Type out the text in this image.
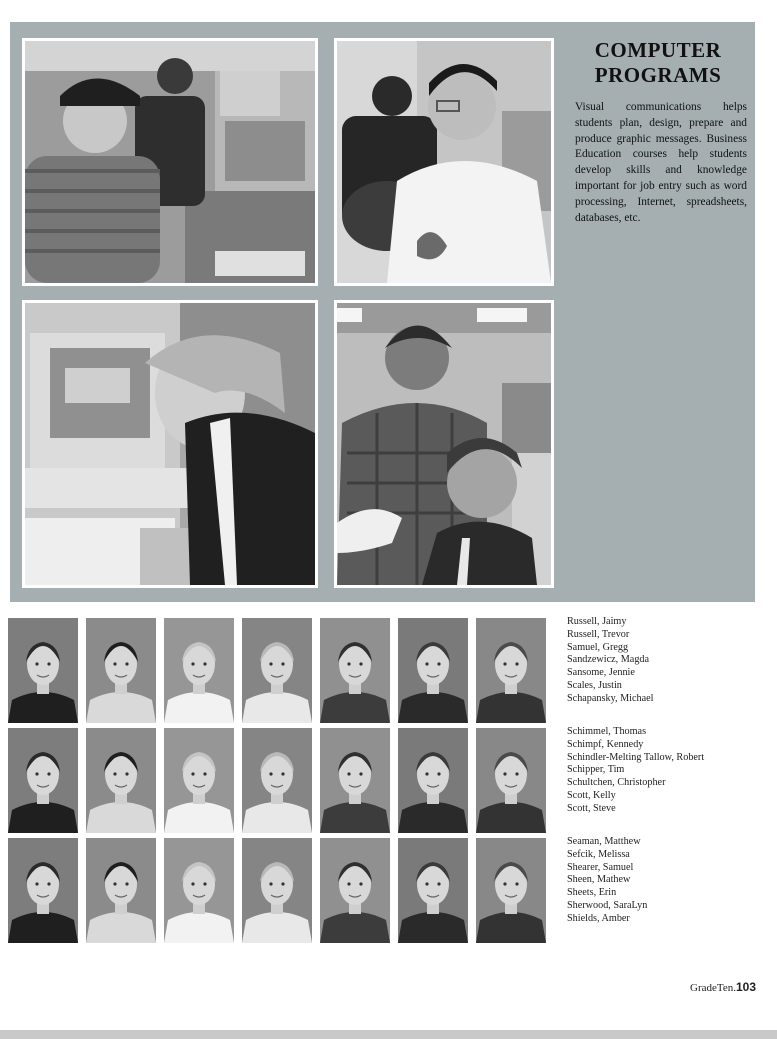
COMPUTER
PROGRAMS

Visual communications helps students plan, design, prepare and produce graphic messages. Business Education courses help students develop skills and knowledge important for job entry such as word processing, Internet, spreadsheets, databases, etc.

Russell, Jaimy
Russell, Trevor
Samuel, Gregg
Sandzewicz, Magda
Sansome, Jennie
Scales, Justin
Schapansky, Michael
Schimmel, Thomas
Schimpf, Kennedy
Schindler-Melting Tallow, Robert
Schipper, Tim
Schultchen, Christopher
Scott, Kelly
Scott, Steve
Seaman, Matthew
Sefcik, Melissa
Shearer, Samuel
Sheen, Mathew
Sheets, Erin
Sherwood, SaraLyn
Shields, Amber
GradeTen.103
